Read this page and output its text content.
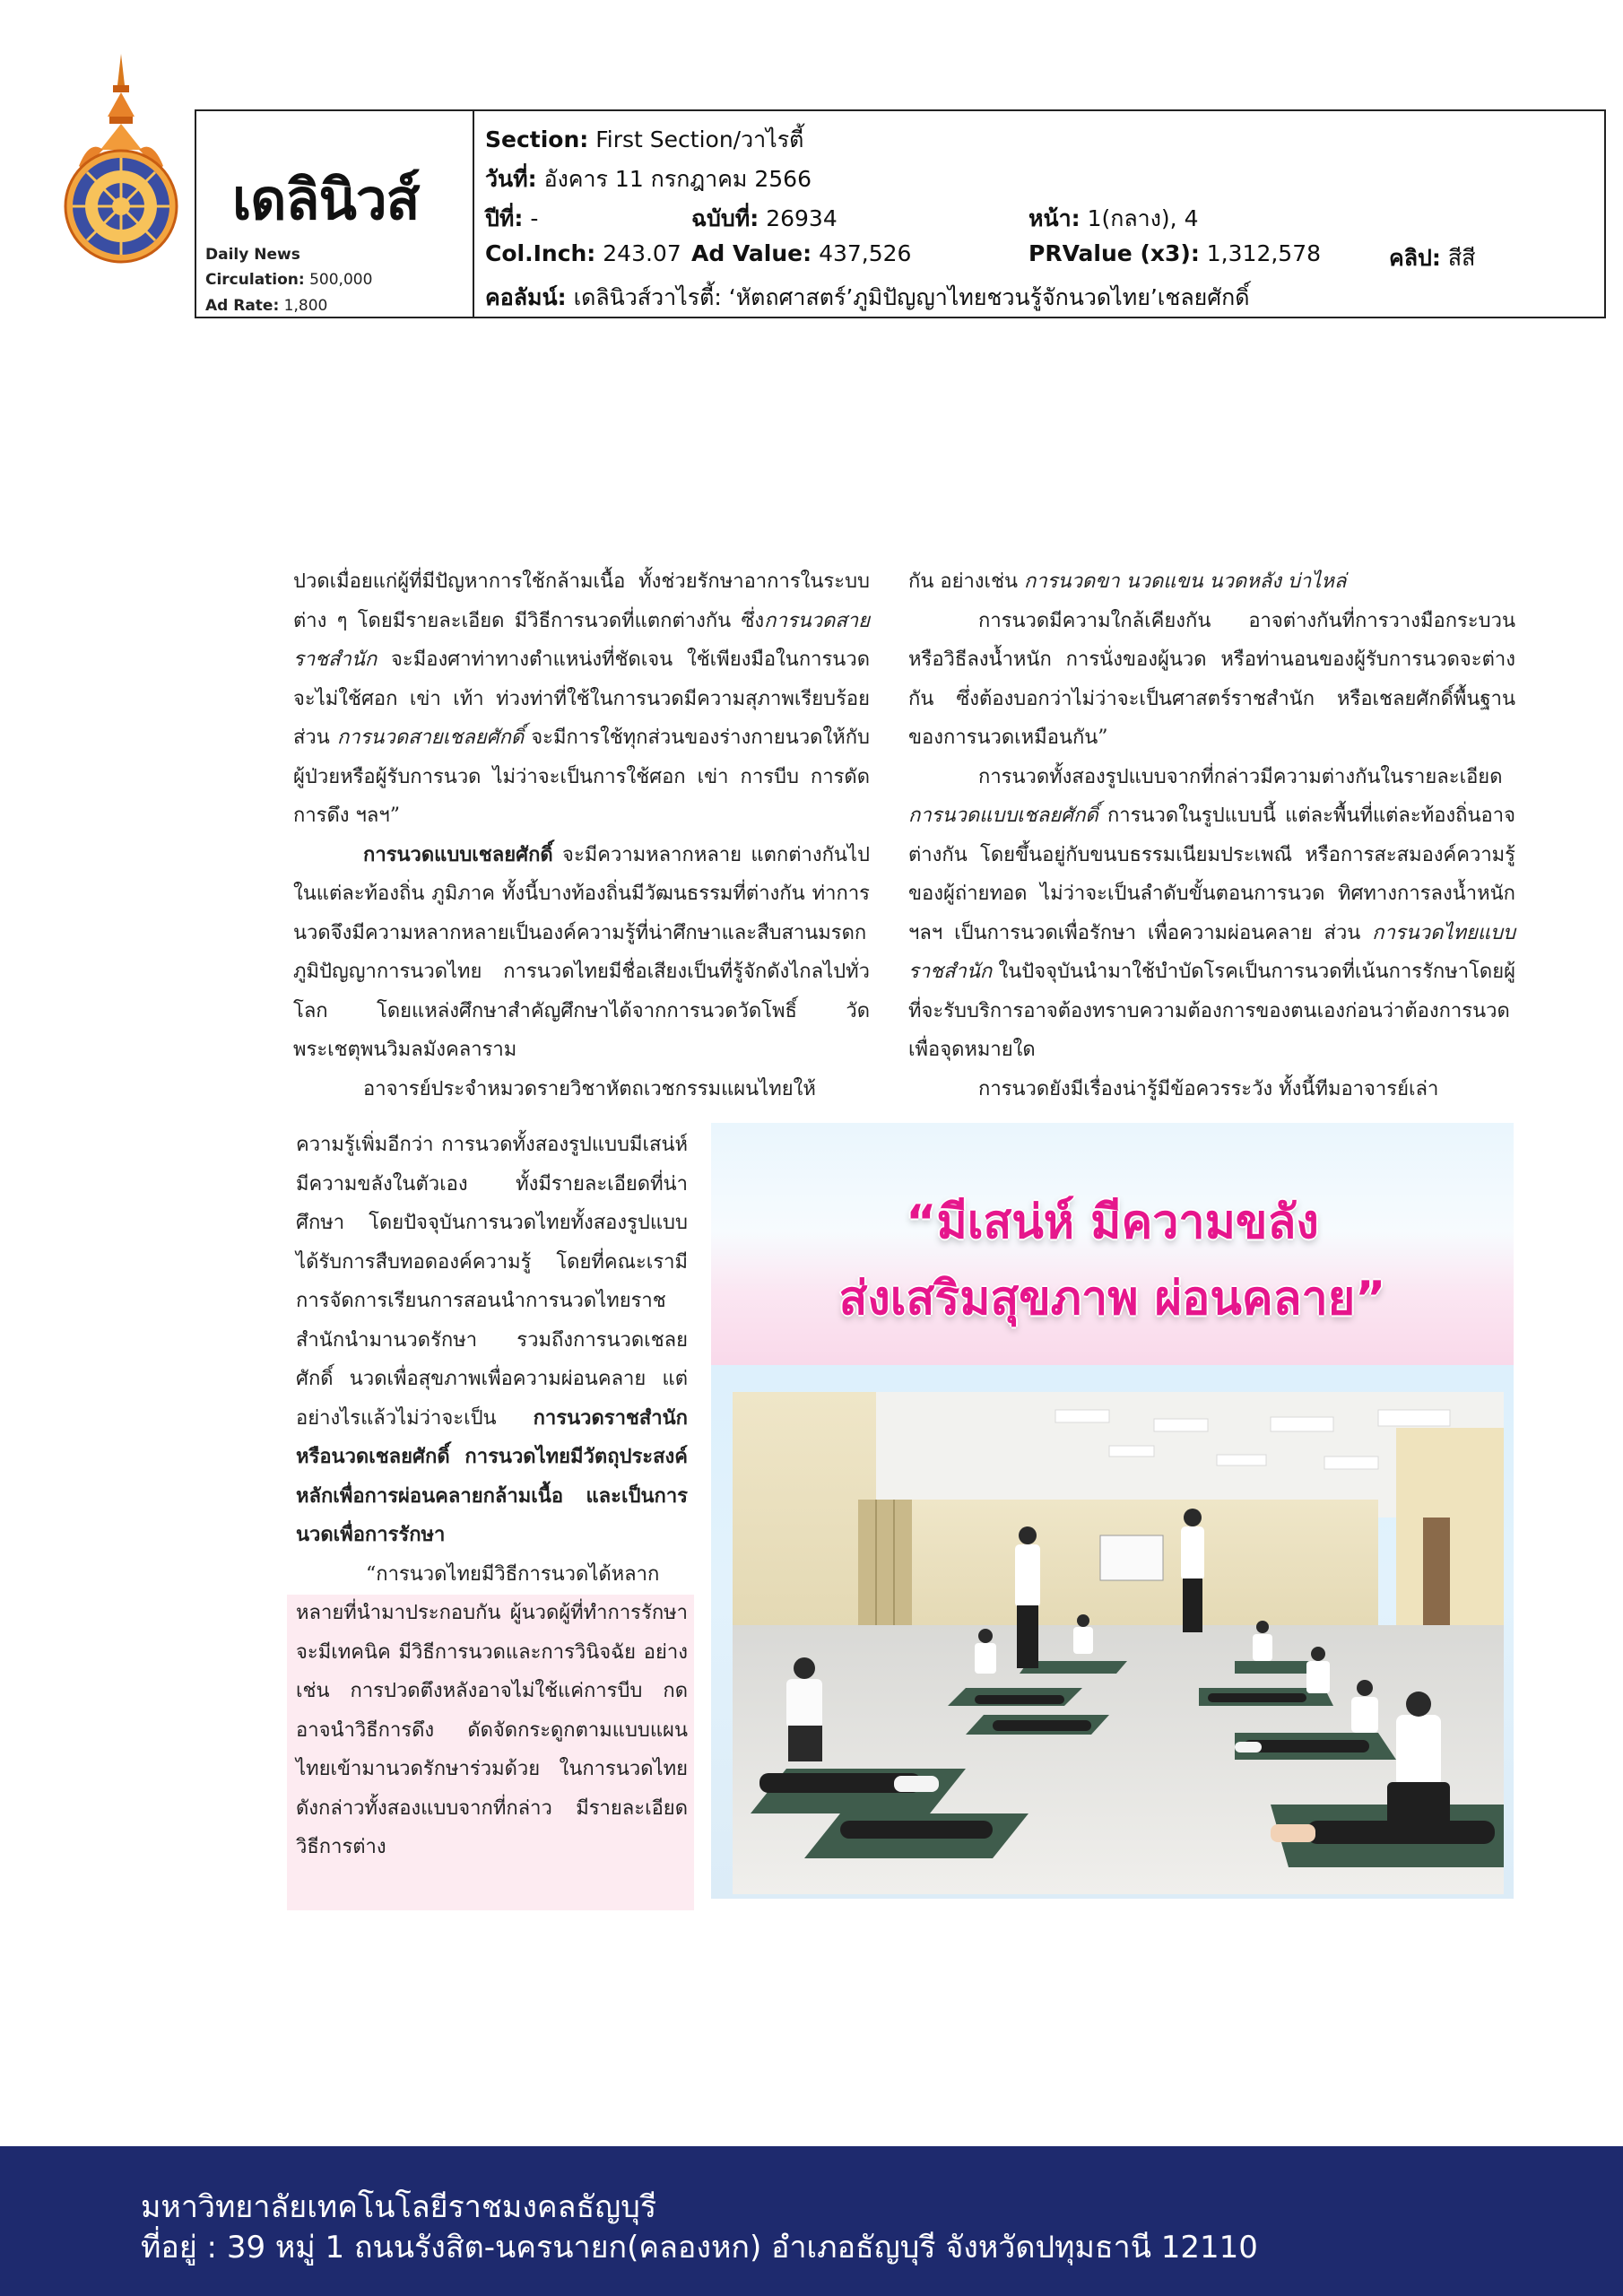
เดลินิวส์
Daily News
Circulation: 500,000
Ad Rate: 1,800
Section: First Section/วาไรตี้
วันที่: อังคาร 11 กรกฎาคม 2566
ปีที่: -	ฉบับที่: 26934	หน้า: 1(กลาง), 4
Col.Inch: 243.07 Ad Value: 437,526	PRValue (x3): 1,312,578	คลิป: สีสี
คอลัมน์: เดลินิวส์วาไรตี้: ‘หัตถศาสตร์’ภูมิปัญญาไทยชวนรู้จักนวดไทย’เชลยศักดิ์

ปวดเมื่อยแก่ผู้ที่มีปัญหาการใช้กล้ามเนื้อ ทั้งช่วยรักษาอาการในระบบต่าง ๆ โดยมีรายละเอียด มีวิธีการนวดที่แตกต่างกัน ซึ่งการนวดสายราชสำนัก จะมีองศาท่าทางตำแหน่งที่ชัดเจน ใช้เพียงมือในการนวด จะไม่ใช้ศอก เข่า เท้า ท่วงท่าที่ใช้ในการนวดมีความสุภาพเรียบร้อย ส่วน การนวดสายเชลยศักดิ์ จะมีการใช้ทุกส่วนของร่างกายนวดให้กับผู้ป่วยหรือผู้รับการนวด ไม่ว่าจะเป็นการใช้ศอก เข่า การบีบ การดัด การดึง ฯลฯ”

การนวดแบบเชลยศักดิ์ จะมีความหลากหลาย แตกต่างกันไปในแต่ละท้องถิ่น ภูมิภาค ทั้งนี้บางท้องถิ่นมีวัฒนธรรมที่ต่างกัน ท่าการนวดจึงมีความหลากหลายเป็นองค์ความรู้ที่น่าศึกษาและสืบสานมรดกภูมิปัญญาการนวดไทย การนวดไทยมีชื่อเสียงเป็นที่รู้จักดังไกลไปทั่วโลก โดยแหล่งศึกษาสำคัญศึกษาได้จากการนวดวัดโพธิ์ วัดพระเชตุพนวิมลมังคลาราม

อาจารย์ประจำหมวดรายวิชาหัตถเวชกรรมแผนไทยให้

กัน อย่างเช่น การนวดขา นวดแขน นวดหลัง บ่าไหล่

การนวดมีความใกล้เคียงกัน อาจต่างกันที่การวางมือกระบวนหรือวิธีลงน้ำหนัก การนั่งของผู้นวด หรือท่านอนของผู้รับการนวดจะต่างกัน ซึ่งต้องบอกว่าไม่ว่าจะเป็นศาสตร์ราชสำนัก หรือเชลยศักดิ์พื้นฐานของการนวดเหมือนกัน”

การนวดทั้งสองรูปแบบจากที่กล่าวมีความต่างกันในรายละเอียด การนวดแบบเชลยศักดิ์ การนวดในรูปแบบนี้ แต่ละพื้นที่แต่ละท้องถิ่นอาจต่างกัน โดยขึ้นอยู่กับขนบธรรมเนียมประเพณี หรือการสะสมองค์ความรู้ของผู้ถ่ายทอด ไม่ว่าจะเป็นลำดับขั้นตอนการนวด ทิศทางการลงน้ำหนัก ฯลฯ เป็นการนวดเพื่อรักษา เพื่อความผ่อนคลาย ส่วน การนวดไทยแบบราชสำนัก ในปัจจุบันนำมาใช้บำบัดโรคเป็นการนวดที่เน้นการรักษาโดยผู้ที่จะรับบริการอาจต้องทราบความต้องการของตนเองก่อนว่าต้องการนวดเพื่อจุดหมายใด

การนวดยังมีเรื่องน่ารู้มีข้อควรระวัง ทั้งนี้ทีมอาจารย์เล่า

ความรู้เพิ่มอีกว่า การนวดทั้งสองรูปแบบมีเสน่ห์ มีความขลังในตัวเอง ทั้งมีรายละเอียดที่น่าศึกษา โดยปัจจุบันการนวดไทยทั้งสองรูปแบบได้รับการสืบทอดองค์ความรู้ โดยที่คณะเรามีการจัดการเรียนการสอนนำการนวดไทยราชสำนักนำมานวดรักษา รวมถึงการนวดเชลยศักดิ์ นวดเพื่อสุขภาพเพื่อความผ่อนคลาย แต่อย่างไรแล้วไม่ว่าจะเป็น การนวดราชสำนัก หรือนวดเชลยศักดิ์ การนวดไทยมีวัตถุประสงค์หลักเพื่อการผ่อนคลายกล้ามเนื้อ และเป็นการนวดเพื่อการรักษา

“การนวดไทยมีวิธีการนวดได้หลากหลายที่นำมาประกอบกัน ผู้นวดผู้ที่ทำการรักษาจะมีเทคนิค มีวิธีการนวดและการวินิจฉัย อย่างเช่น การปวดตึงหลังอาจไม่ใช้แค่การบีบ กด อาจนำวิธีการดึง ดัดจัดกระดูกตามแบบแผนไทยเข้ามานวดรักษาร่วมด้วย ในการนวดไทยดังกล่าวทั้งสองแบบจากที่กล่าว มีรายละเอียดวิธีการต่าง

“มีเสน่ห์ มีความขลัง
ส่งเสริมสุขภาพ ผ่อนคลาย”
มหาวิทยาลัยเทคโนโลยีราชมงคลธัญบุรี
ที่อยู่ : 39 หมู่ 1 ถนนรังสิต-นครนายก(คลองหก) อำเภอธัญบุรี จังหวัดปทุมธานี 12110
